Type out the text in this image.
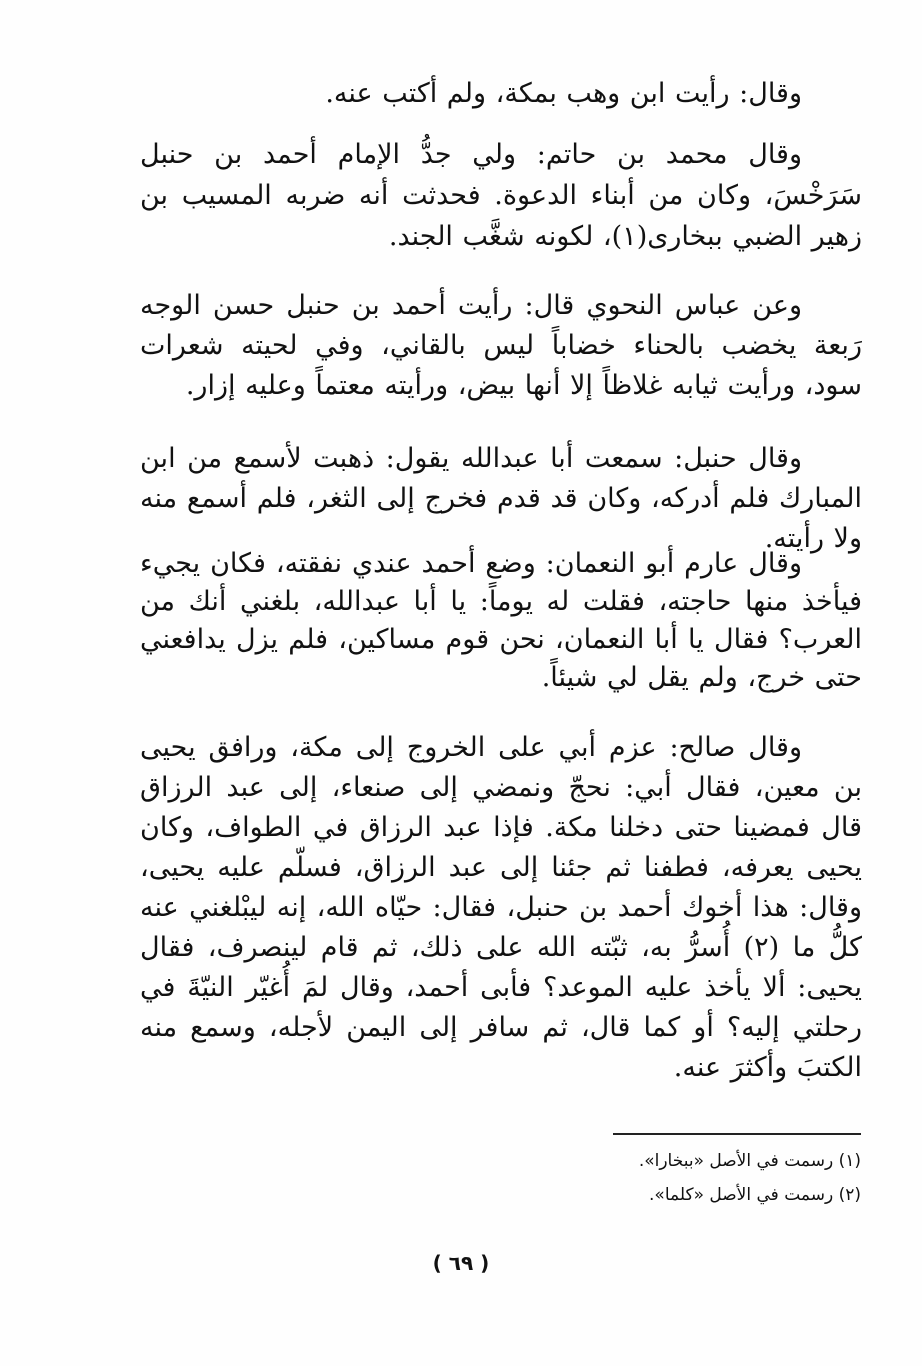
وقال: رأيت ابن وهب بمكة، ولم أكتب عنه.

وقال محمد بن حاتم: ولي جدُّ الإمام أحمد بن حنبل سَرَخْسَ، وكان من أبناء الدعوة. فحدثت أنه ضربه المسيب بن زهير الضبي ببخارى(١)، لكونه شغَّب الجند.

وعن عباس النحوي قال: رأيت أحمد بن حنبل حسن الوجه رَبعة يخضب بالحناء خضاباً ليس بالقاني، وفي لحيته شعرات سود، ورأيت ثيابه غلاظاً إلا أنها بيض، ورأيته معتماً وعليه إزار.

وقال حنبل: سمعت أبا عبدالله يقول: ذهبت لأسمع من ابن المبارك فلم أدركه، وكان قد قدم فخرج إلى الثغر، فلم أسمع منه ولا رأيته.

وقال عارم أبو النعمان: وضع أحمد عندي نفقته، فكان يجيء فيأخذ منها حاجته، فقلت له يوماً: يا أبا عبدالله، بلغني أنك من العرب؟ فقال يا أبا النعمان، نحن قوم مساكين، فلم يزل يدافعني حتى خرج، ولم يقل لي شيئاً.

وقال صالح: عزم أبي على الخروج إلى مكة، ورافق يحيى بن معين، فقال أبي: نحجّ ونمضي إلى صنعاء، إلى عبد الرزاق قال فمضينا حتى دخلنا مكة. فإذا عبد الرزاق في الطواف، وكان يحيى يعرفه، فطفنا ثم جئنا إلى عبد الرزاق، فسلّم عليه يحيى، وقال: هذا أخوك أحمد بن حنبل، فقال: حيّاه الله، إنه ليبْلغني عنه كلُّ ما (٢) أُسرُّ به، ثبّته الله على ذلك، ثم قام لينصرف، فقال يحيى: ألا يأخذ عليه الموعد؟ فأبى أحمد، وقال لمَ أُغيّر النيّةَ في رحلتي إليه؟ أو كما قال، ثم سافر إلى اليمن لأجله، وسمع منه الكتبَ وأكثرَ عنه.

(١) رسمت في الأصل «ببخارا».
(٢) رسمت في الأصل «كلما».
( ٦٩ )
